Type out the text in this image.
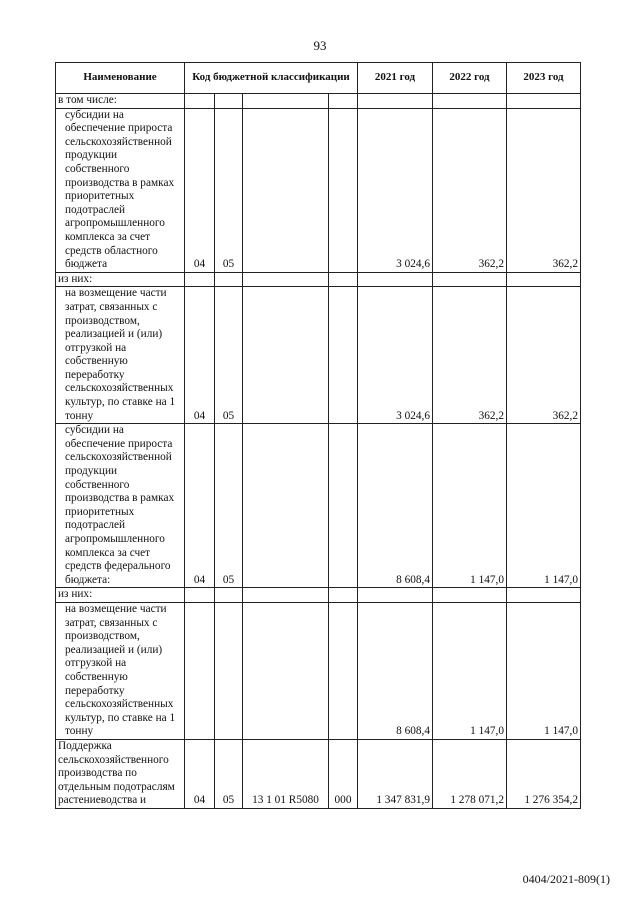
93
Наименование	Код бюджетной классификации				2021 год	2022 год	2023 год
в том числе:							
субсидии на обеспечение прироста сельскохозяйственной продукции собственного производства в рамках приоритетных подотраслей агропромышленного комплекса за счет средств областного бюджета	04	05			3 024,6	362,2	362,2
из них:							
на возмещение части затрат, связанных с производством, реализацией и (или) отгрузкой на собственную переработку сельскохозяйственных культур, по ставке на 1 тонну	04	05			3 024,6	362,2	362,2
субсидии на обеспечение прироста сельскохозяйственной продукции собственного производства в рамках приоритетных подотраслей агропромышленного комплекса за счет средств федерального бюджета:	04	05			8 608,4	1 147,0	1 147,0
из них:							
на возмещение части затрат, связанных с производством, реализацией и (или) отгрузкой на собственную переработку сельскохозяйственных культур, по ставке на 1 тонну					8 608,4	1 147,0	1 147,0
Поддержка сельскохозяйственного производства по отдельным подотраслям растениеводства и	04	05	13 1 01 R5080	000	1 347 831,9	1 278 071,2	1 276 354,2
0404/2021-809(1)
